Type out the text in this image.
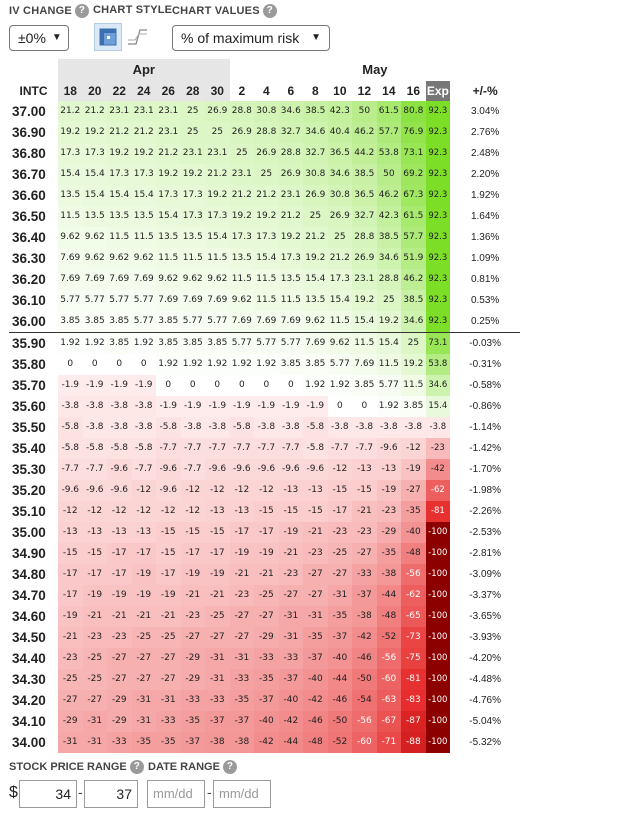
IV CHANGE ? CHART STYLE CHART VALUES ?
±0% ▼	% of maximum risk ▼
	Apr							May										
INTC	18	20	22	24	26	28	30	2	4	6	8	10	12	14	16	Exp	+/-%	
37.00	21.2	21.2	23.1	23.1	23.1	25	26.9	28.8	30.8	34.6	38.5	42.3	50	61.5	80.8	92.3	3.04%	
36.90	19.2	19.2	21.2	21.2	23.1	25	25	26.9	28.8	32.7	34.6	40.4	46.2	57.7	76.9	92.3	2.76%	
36.80	17.3	17.3	19.2	19.2	21.2	23.1	23.1	25	26.9	28.8	32.7	36.5	44.2	53.8	73.1	92.3	2.48%	
36.70	15.4	15.4	17.3	17.3	19.2	19.2	21.2	23.1	25	26.9	30.8	34.6	38.5	50	69.2	92.3	2.20%	
36.60	13.5	15.4	15.4	15.4	17.3	17.3	19.2	21.2	21.2	23.1	26.9	30.8	36.5	46.2	67.3	92.3	1.92%	
36.50	11.5	13.5	13.5	13.5	15.4	17.3	17.3	19.2	19.2	21.2	25	26.9	32.7	42.3	61.5	92.3	1.64%	
36.40	9.62	9.62	11.5	11.5	13.5	13.5	15.4	17.3	17.3	19.2	21.2	25	28.8	38.5	57.7	92.3	1.36%	
36.30	7.69	9.62	9.62	9.62	11.5	11.5	11.5	13.5	15.4	17.3	19.2	21.2	26.9	34.6	51.9	92.3	1.09%	
36.20	7.69	7.69	7.69	7.69	9.62	9.62	9.62	11.5	11.5	13.5	15.4	17.3	23.1	28.8	46.2	92.3	0.81%	
36.10	5.77	5.77	5.77	5.77	7.69	7.69	7.69	9.62	11.5	11.5	13.5	15.4	19.2	25	38.5	92.3	0.53%	
36.00	3.85	3.85	3.85	5.77	3.85	5.77	5.77	7.69	7.69	7.69	9.62	11.5	15.4	19.2	34.6	92.3	0.25%	
35.90	1.92	1.92	3.85	1.92	3.85	3.85	3.85	5.77	5.77	5.77	7.69	9.62	11.5	15.4	25	73.1	-0.03%	
35.80	0	0	0	0	1.92	1.92	1.92	1.92	1.92	3.85	3.85	5.77	7.69	11.5	19.2	53.8	-0.31%	
35.70	-1.9	-1.9	-1.9	-1.9	0	0	0	0	0	0	1.92	1.92	3.85	5.77	11.5	34.6	-0.58%	
35.60	-3.8	-3.8	-3.8	-3.8	-1.9	-1.9	-1.9	-1.9	-1.9	-1.9	-1.9	0	0	1.92	3.85	15.4	-0.86%	
35.50	-5.8	-3.8	-3.8	-3.8	-5.8	-3.8	-3.8	-5.8	-3.8	-3.8	-5.8	-3.8	-3.8	-3.8	-3.8	-3.8	-1.14%	
35.40	-5.8	-5.8	-5.8	-5.8	-7.7	-7.7	-7.7	-7.7	-7.7	-7.7	-5.8	-7.7	-7.7	-9.6	-12	-23	-1.42%	
35.30	-7.7	-7.7	-9.6	-7.7	-9.6	-7.7	-9.6	-9.6	-9.6	-9.6	-9.6	-12	-13	-13	-19	-42	-1.70%	
35.20	-9.6	-9.6	-9.6	-12	-9.6	-12	-12	-12	-12	-13	-13	-15	-15	-19	-27	-62	-1.98%	
35.10	-12	-12	-12	-12	-12	-12	-13	-13	-15	-15	-15	-17	-21	-23	-35	-81	-2.26%	
35.00	-13	-13	-13	-13	-15	-15	-15	-17	-17	-19	-21	-23	-23	-29	-40	-100	-2.53%	
34.90	-15	-15	-17	-17	-15	-17	-17	-19	-19	-21	-23	-25	-27	-35	-48	-100	-2.81%	
34.80	-17	-17	-17	-19	-17	-19	-19	-21	-21	-23	-27	-27	-33	-38	-56	-100	-3.09%	
34.70	-17	-19	-19	-19	-19	-21	-21	-23	-25	-27	-27	-31	-37	-44	-62	-100	-3.37%	
34.60	-19	-21	-21	-21	-21	-23	-25	-27	-27	-31	-31	-35	-38	-48	-65	-100	-3.65%	
34.50	-21	-23	-23	-25	-25	-27	-27	-27	-29	-31	-35	-37	-42	-52	-73	-100	-3.93%	
34.40	-23	-25	-27	-27	-27	-29	-31	-31	-33	-33	-37	-40	-46	-56	-75	-100	-4.20%	
34.30	-25	-25	-27	-27	-27	-29	-31	-33	-35	-37	-40	-44	-50	-60	-81	-100	-4.48%	
34.20	-27	-27	-29	-31	-31	-33	-33	-35	-37	-40	-42	-46	-54	-63	-83	-100	-4.76%	
34.10	-29	-31	-29	-31	-33	-35	-37	-37	-40	-42	-46	-50	-56	-67	-87	-100	-5.04%	
34.00	-31	-31	-33	-35	-35	-37	-38	-38	-42	-44	-48	-52	-60	-71	-88	-100	-5.32%	
STOCK PRICE RANGE ? DATE RANGE ?
$	34 -	37	mm/dd	- mm/dd
